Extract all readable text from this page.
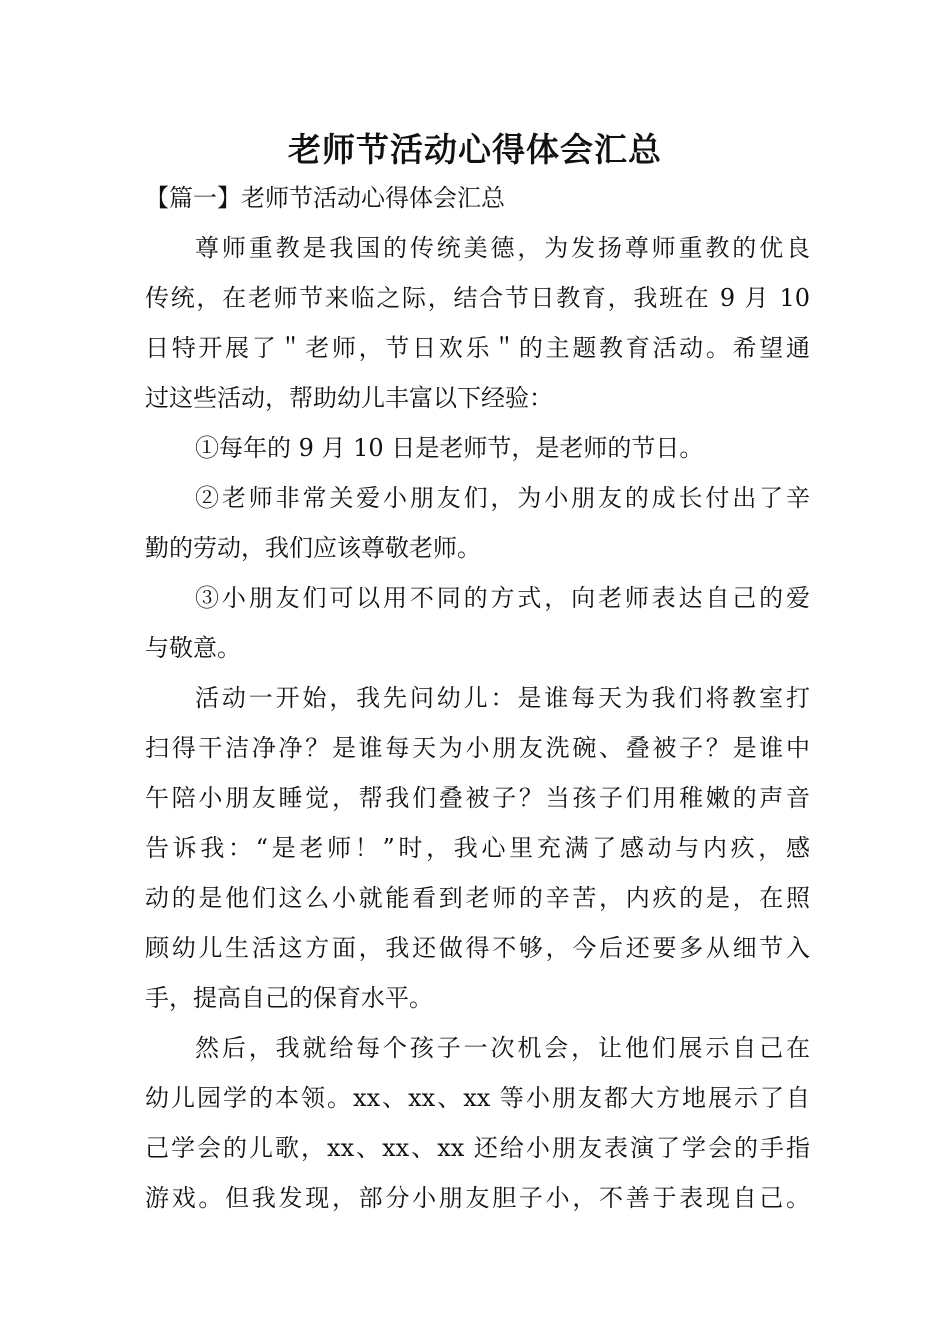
老师节活动心得体会汇总
【篇一】老师节活动心得体会汇总
尊师重教是我国的传统美德，为发扬尊师重教的优良
传统，在老师节来临之际，结合节日教育，我班在 9 月 10
日特开展了＂老师，节日欢乐＂的主题教育活动。希望通
过这些活动，帮助幼儿丰富以下经验：
①每年的 9 月 10 日是老师节，是老师的节日。
②老师非常关爱小朋友们，为小朋友的成长付出了辛
勤的劳动，我们应该尊敬老师。
③小朋友们可以用不同的方式，向老师表达自己的爱
与敬意。
活动一开始，我先问幼儿：是谁每天为我们将教室打
扫得干洁净净？是谁每天为小朋友洗碗、叠被子？是谁中
午陪小朋友睡觉，帮我们叠被子？当孩子们用稚嫩的声音
告诉我：“是老师！”时，我心里充满了感动与内疚，感
动的是他们这么小就能看到老师的辛苦，内疚的是，在照
顾幼儿生活这方面，我还做得不够，今后还要多从细节入
手，提高自己的保育水平。
然后，我就给每个孩子一次机会，让他们展示自己在
幼儿园学的本领。xx、xx、xx 等小朋友都大方地展示了自
己学会的儿歌，xx、xx、xx 还给小朋友表演了学会的手指
游戏。但我发现，部分小朋友胆子小，不善于表现自己。
